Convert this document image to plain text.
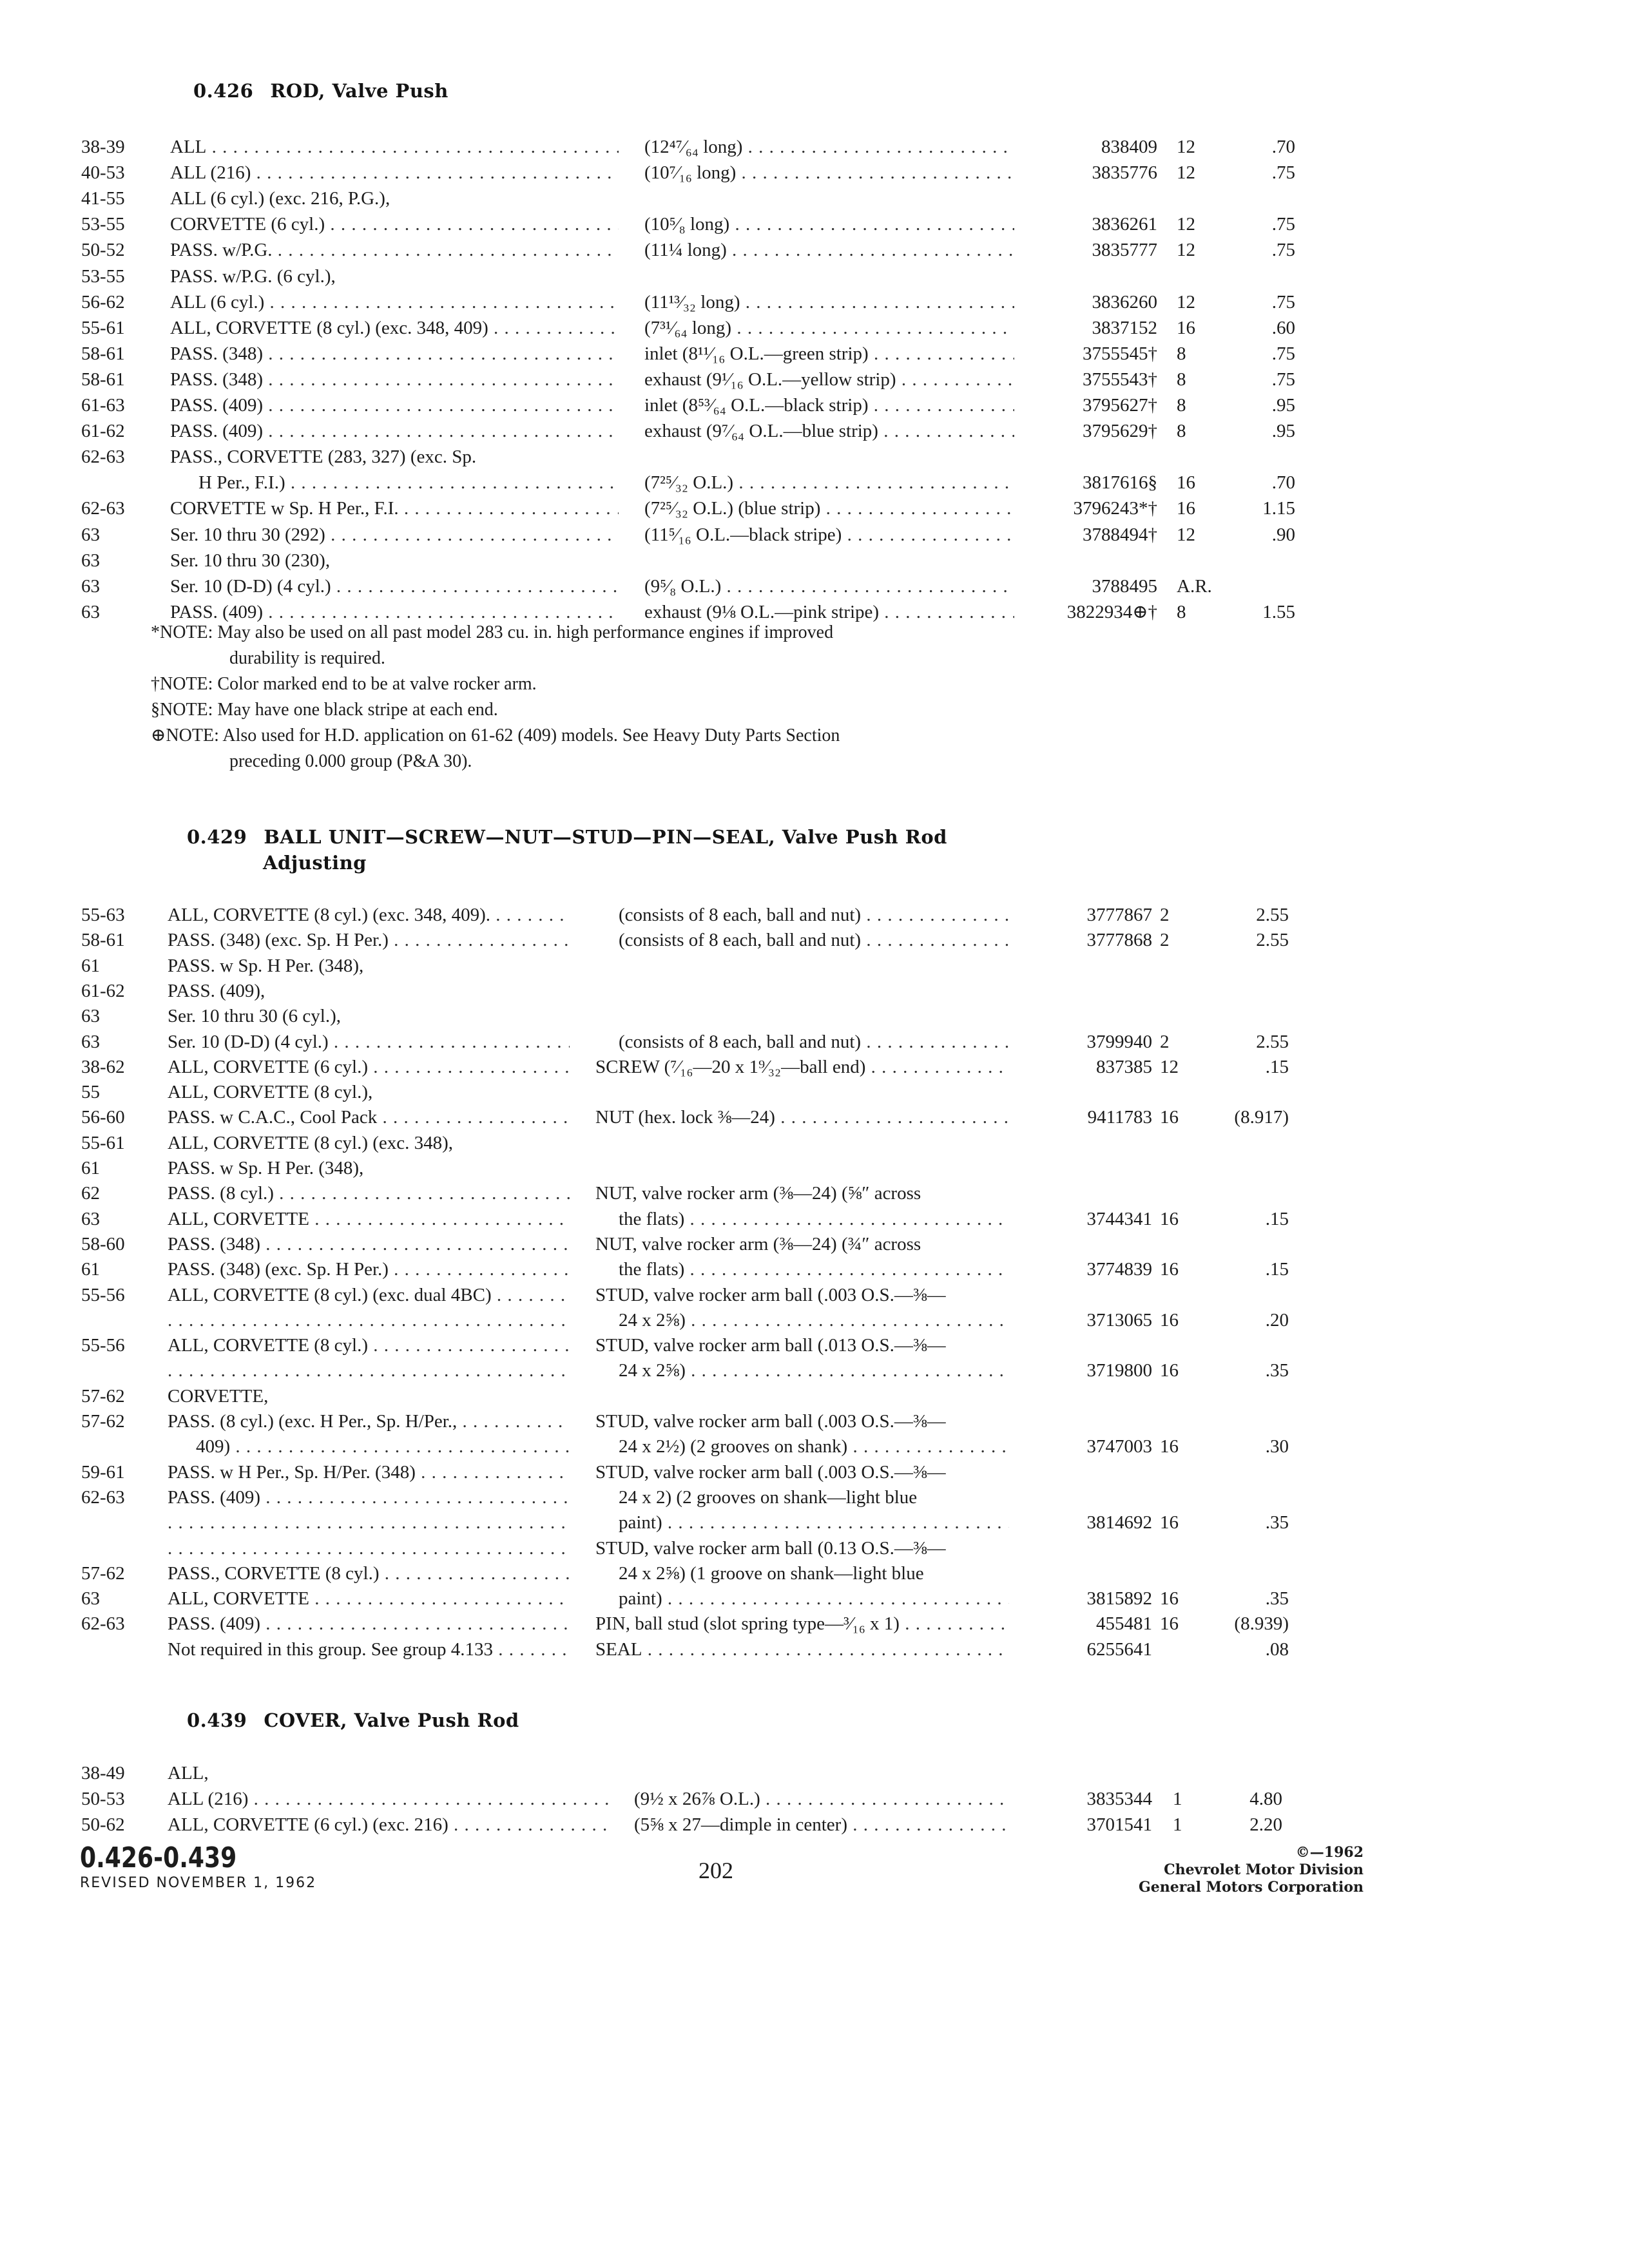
0.426 ROD, Valve Push
38-39	ALL . . .	(12⁴⁷⁄₆₄ long) . . .	838409 12	.70
40-53	ALL (216) . . .	(10⁷⁄₁₆ long) . . .	3835776 12	.75
41-55	ALL (6 cyl.) (exc. 216, P.G.),
53-55	CORVETTE (6 cyl.) . . .	(10⁵⁄₈ long) . . .	3836261 12	.75
50-52	PASS. w/P.G. . . .	(11¼ long) . . .	3835777 12	.75
53-55	PASS. w/P.G. (6 cyl.),
56-62	ALL (6 cyl.) . . .	(11¹³⁄₃₂ long) . . .	3836260 12	.75
55-61	ALL, CORVETTE (8 cyl.) (exc. 348, 409) . . .	(7³¹⁄₆₄ long) . . .	3837152 16	.60
58-61	PASS. (348) . . .	inlet (8¹¹⁄₁₆ O.L.—green strip) . . .	3755545† 8	.75
58-61	PASS. (348) . . .	exhaust (9¹⁄₁₆ O.L.—yellow strip) . . .	3755543† 8	.75
61-63	PASS. (409) . . .	inlet (8⁵³⁄₆₄ O.L.—black strip) . . .	3795627† 8	.95
61-62	PASS. (409) . . .	exhaust (9⁷⁄₆₄ O.L.—blue strip) . . .	3795629† 8	.95
62-63	PASS., CORVETTE (283, 327) (exc. Sp.
H Per., F.I.) . . .	(7²⁵⁄₃₂ O.L.) . . .	3817616§ 16	.70
62-63	CORVETTE w Sp. H Per., F.I. . . .	(7²⁵⁄₃₂ O.L.) (blue strip) . . .	3796243*† 16	1.15
63	Ser. 10 thru 30 (292) . . .	(11⁵⁄₁₆ O.L.—black stripe) . . .	3788494† 12	.90
63	Ser. 10 thru 30 (230),
63	Ser. 10 (D-D) (4 cyl.) . . .	(9⁵⁄₈ O.L.) . . .	3788495 A.R.
63	PASS. (409) . . .	exhaust (9⅛ O.L.—pink stripe) . . .	3822934⊕† 8	1.55
*NOTE: May also be used on all past model 283 cu. in. high performance engines if improved
durability is required.
†NOTE: Color marked end to be at valve rocker arm.
§NOTE: May have one black stripe at each end.
⊕NOTE: Also used for H.D. application on 61-62 (409) models. See Heavy Duty Parts Section
preceding 0.000 group (P&A 30).
0.429 BALL UNIT—SCREW—NUT—STUD—PIN—SEAL, Valve Push Rod
Adjusting
55-63	ALL, CORVETTE (8 cyl.) (exc. 348, 409). . . .	(consists of 8 each, ball and nut) . . .	3777867 2	2.55
58-61	PASS. (348) (exc. Sp. H Per.) . . .	(consists of 8 each, ball and nut) . . .	3777868 2	2.55
61	PASS. w Sp. H Per. (348),
61-62	PASS. (409),
63	Ser. 10 thru 30 (6 cyl.),
63	Ser. 10 (D-D) (4 cyl.) . . .	(consists of 8 each, ball and nut) . . .	3799940 2	2.55
38-62	ALL, CORVETTE (6 cyl.) . . .	SCREW (⁷⁄₁₆—20 x 1⁹⁄₃₂—ball end) . . .	837385 12	.15
55	ALL, CORVETTE (8 cyl.),
56-60	PASS. w C.A.C., Cool Pack . . .	NUT (hex. lock ⅜—24) . . .	9411783 16	(8.917)
55-61	ALL, CORVETTE (8 cyl.) (exc. 348),
61	PASS. w Sp. H Per. (348),
62	PASS. (8 cyl.) . . .	NUT, valve rocker arm (⅜—24) (⅝″ across
63	ALL, CORVETTE . . .	the flats) . . .	3744341 16	.15
58-60	PASS. (348) . . .	NUT, valve rocker arm (⅜—24) (¾″ across
61	PASS. (348) (exc. Sp. H Per.) . . .	the flats) . . .	3774839 16	.15
55-56	ALL, CORVETTE (8 cyl.) (exc. dual 4BC) . . .	STUD, valve rocker arm ball (.003 O.S.—⅜—
. . .
24 x 2⅝) . . .	3713065 16	.20
55-56	ALL, CORVETTE (8 cyl.) . . .	STUD, valve rocker arm ball (.013 O.S.—⅜—
. . .
24 x 2⅝) . . .	3719800 16	.35
57-62	CORVETTE,
57-62	PASS. (8 cyl.) (exc. H Per., Sp. H/Per., . . .	STUD, valve rocker arm ball (.003 O.S.—⅜—
409) . . .	24 x 2½) (2 grooves on shank) . . .	3747003 16	.30
59-61	PASS. w H Per., Sp. H/Per. (348) . . .	STUD, valve rocker arm ball (.003 O.S.—⅜—
62-63	PASS. (409) . . .	24 x 2) (2 grooves on shank—light blue
. . .
paint) . . .	3814692 16	.35
. . .
STUD, valve rocker arm ball (0.13 O.S.—⅜—
57-62	PASS., CORVETTE (8 cyl.) . . .	24 x 2⅝) (1 groove on shank—light blue
63	ALL, CORVETTE . . .	paint) . . .	3815892 16	.35
62-63	PASS. (409) . . .	PIN, ball stud (slot spring type—³⁄₁₆ x 1) . . .	455481 16	(8.939)
Not required in this group. See group 4.133 . . .	SEAL . . .	6255641	.08
0.439 COVER, Valve Push Rod
38-49	ALL,
50-53	ALL (216) . . .	(9½ x 26⅞ O.L.) . . .	3835344 1	4.80
50-62	ALL, CORVETTE (6 cyl.) (exc. 216) . . .	(5⅝ x 27—dimple in center) . . .	3701541 1	2.20
0.426-0.439
REVISED NOVEMBER 1, 1962	202
©—1962
Chevrolet Motor Division
General Motors Corporation
